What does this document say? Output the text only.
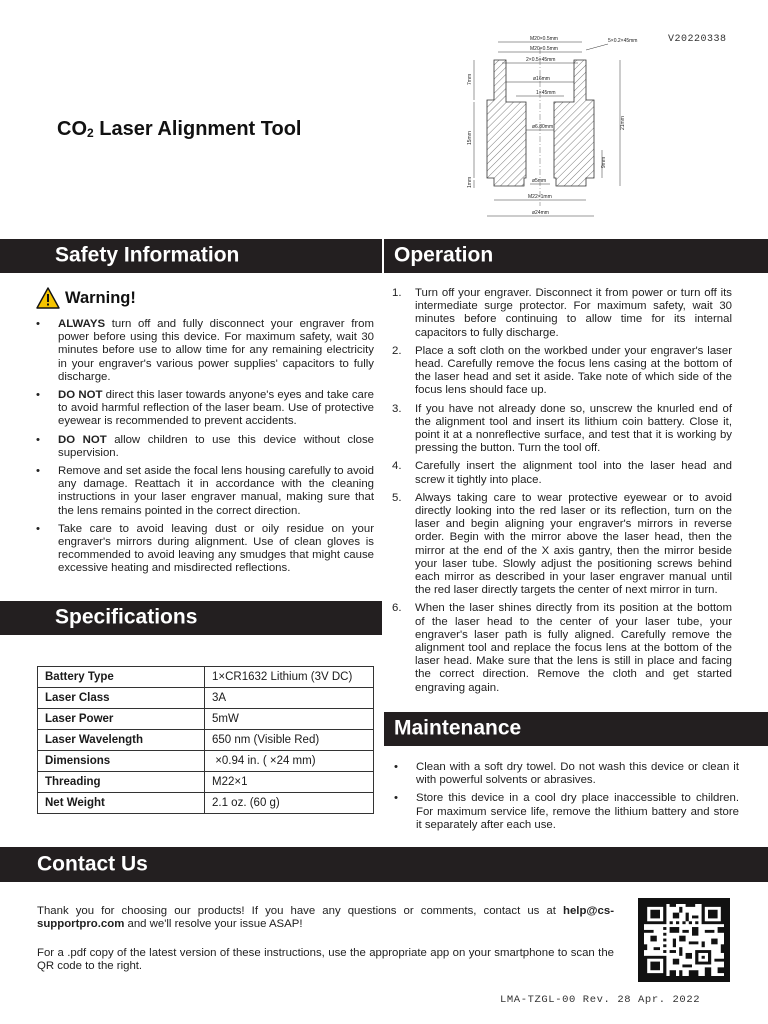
V20220338
$CO_2$ Laser Alignment Tool
M20×0.5mm
M20×0.5mm
2×0.5×45mm
ø16mm
1×45mm
ø6.80mm
ø5mm
M22×1mm
ø24mm
5×0.2×45mm
21mm
15mm
7mm
1mm
9mm
Safety Information	Operation
Warning!
• ALWAYS turn off and fully disconnect your engraver from power before using this device. For maximum safety, wait 30 minutes before use to allow time for any remaining electricity in your engraver's various power supplies' capacitors to fully discharge.
• DO NOT direct this laser towards anyone's eyes and take care to avoid harmful reflection of the laser beam. Use of protective eyewear is recommended to prevent accidents.
• DO NOT allow children to use this device without close supervision.
• Remove and set aside the focal lens housing carefully to avoid any damage. Reattach it in accordance with the cleaning instructions in your laser engraver manual, making sure that the lens remains pointed in the correct direction.
• Take care to avoid leaving dust or oily residue on your engraver's mirrors during alignment. Use of clean gloves is recommended to avoid leaving any smudges that might cause excessive heating and misdirected reflections.
1. Turn off your engraver. Disconnect it from power or turn off its intermediate surge protector. For maximum safety, wait 30 minutes before continuing to allow time for its internal capacitors to fully discharge.
2. Place a soft cloth on the workbed under your engraver's laser head. Carefully remove the focus lens casing at the bottom of the laser head and set it aside. Take note of which side of the focus lens should face up.
3. If you have not already done so, unscrew the knurled end of the alignment tool and insert its lithium coin battery. Close it, point it at a nonreflective surface, and test that it is working by pressing the button. Turn the tool off.
4. Carefully insert the alignment tool into the laser head and screw it tightly into place.
5. Always taking care to wear protective eyewear or to avoid directly looking into the red laser or its reflection, turn on the laser and begin aligning your engraver's mirrors in reverse order. Begin with the mirror above the laser head, then the mirror at the end of the X axis gantry, then the mirror beside your laser tube. Slowly adjust the positioning screws behind each mirror as described in your laser engraver manual until the red laser directly targets the center of next mirror in turn.
6. When the laser shines directly from its position at the bottom of the laser head to the center of your laser tube, your engraver's laser path is fully aligned. Carefully remove the alignment tool and replace the focus lens at the bottom of the laser head. Make sure that the lens is still in place and facing the correct direction. Remove the cloth and get started engraving again.
Specifications
Battery Type	1×CR1632 Lithium (3V DC)
Laser Class	3A
Laser Power	5mW
Laser Wavelength	650 nm (Visible Red)
Dimensions	×0.94 in. ( ×24 mm)
Threading	M22×1
Net Weight	2.1 oz. (60 g)
Maintenance
• Clean with a soft dry towel. Do not wash this device or clean it with powerful solvents or abrasives.
• Store this device in a cool dry place inaccessible to children. For maximum service life, remove the lithium battery and store it separately after each use.
Contact Us

Thank you for choosing our products! If you have any questions or comments, contact us at help@cs-supportpro.com and we'll resolve your issue ASAP!

For a .pdf copy of the latest version of these instructions, use the appropriate app on your smartphone to scan the QR code to the right.

LMA-TZGL-00 Rev. 28 Apr. 2022
